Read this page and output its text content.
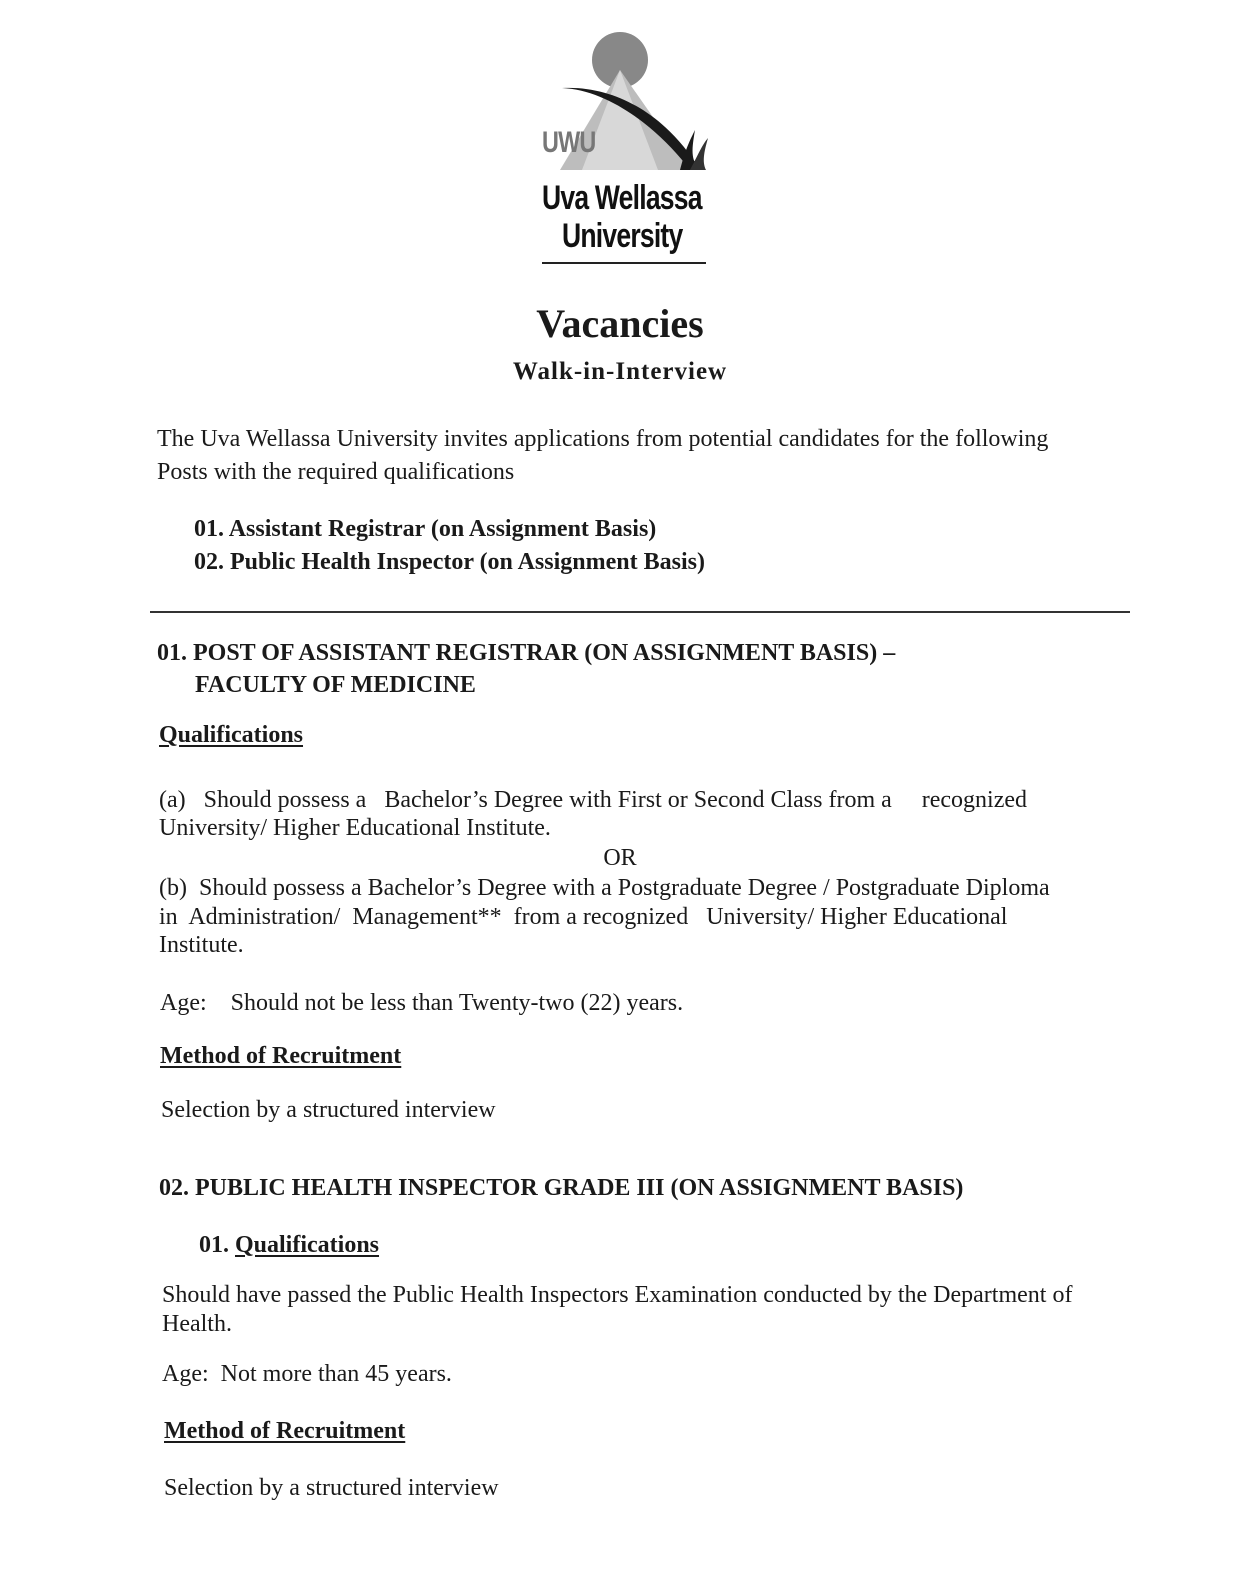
UWU
Uva Wellassa
University
Vacancies
Walk-in-Interview
The Uva Wellassa University invites applications from potential candidates for the following
Posts with the required qualifications
01. Assistant Registrar (on Assignment Basis)
02. Public Health Inspector (on Assignment Basis)
01. POST OF ASSISTANT REGISTRAR (ON ASSIGNMENT BASIS) –
FACULTY OF MEDICINE
Qualifications
(a)   Should possess a   Bachelor’s Degree with First or Second Class from a     recognized
University/ Higher Educational Institute.
OR
(b)  Should possess a Bachelor’s Degree with a Postgraduate Degree / Postgraduate Diploma
in  Administration/  Management**  from a recognized   University/ Higher Educational
Institute.
Age:    Should not be less than Twenty-two (22) years.
Method of Recruitment
Selection by a structured interview
02. PUBLIC HEALTH INSPECTOR GRADE III (ON ASSIGNMENT BASIS)
01. Qualifications
Should have passed the Public Health Inspectors Examination conducted by the Department of
Health.
Age:  Not more than 45 years.
Method of Recruitment
Selection by a structured interview
